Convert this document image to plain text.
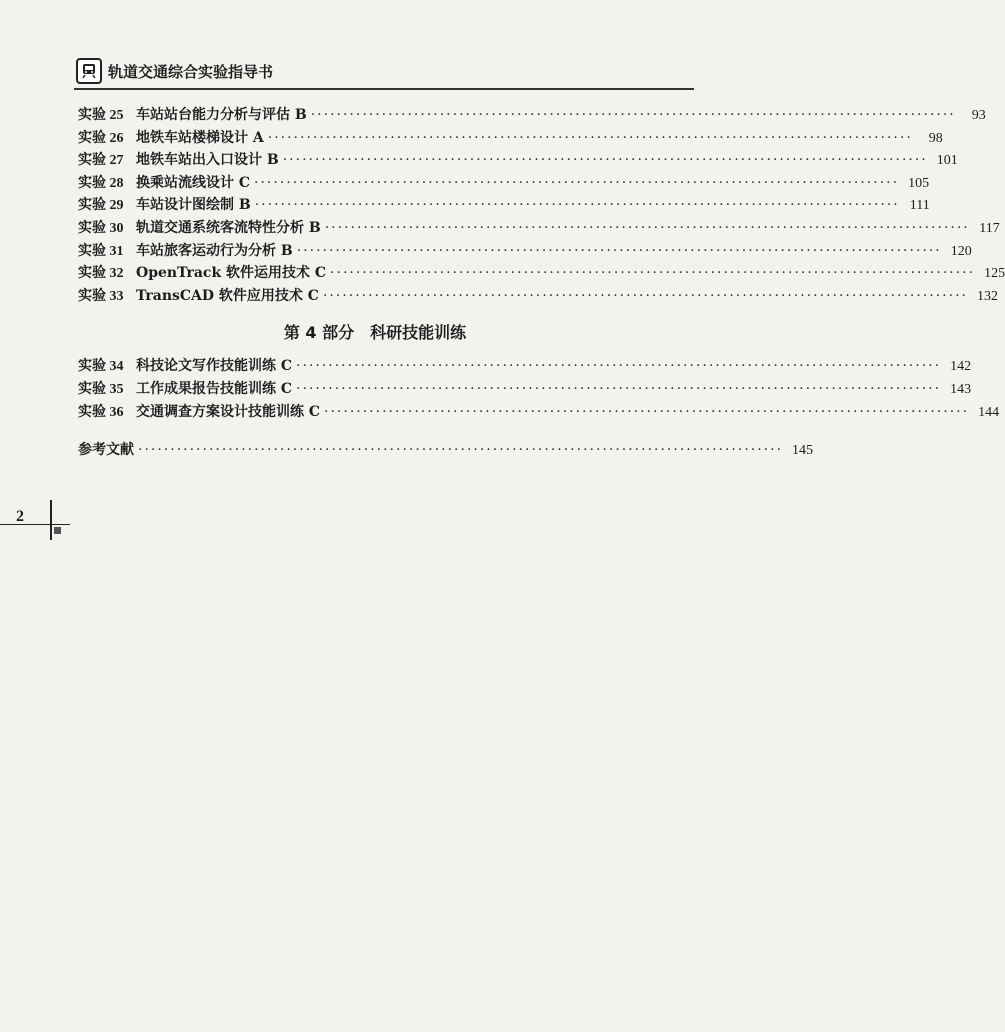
轨道交通综合实验指导书

实验 25 车站站台能力分析与评估 B ····································································································	93
实验 26 地铁车站楼梯设计 A ····································································································	98
实验 27 地铁车站出入口设计 B ···································································································· 101
实验 28 换乘站流线设计 C ···································································································· 105
实验 29 车站设计图绘制 B ···································································································· 111
实验 30 轨道交通系统客流特性分析 B ···································································································· 117
实验 31 车站旅客运动行为分析 B ···································································································· 120
实验 32 OpenTrack 软件运用技术 C ···································································································· 125
实验 33 TransCAD 软件应用技术 C ···································································································· 132
第 4 部分　科研技能训练
实验 34 科技论文写作技能训练 C ···································································································· 142
实验 35 工作成果报告技能训练 C ···································································································· 143
实验 36 交通调查方案设计技能训练 C ···································································································· 144
参考文献 ···································································································· 145
2
